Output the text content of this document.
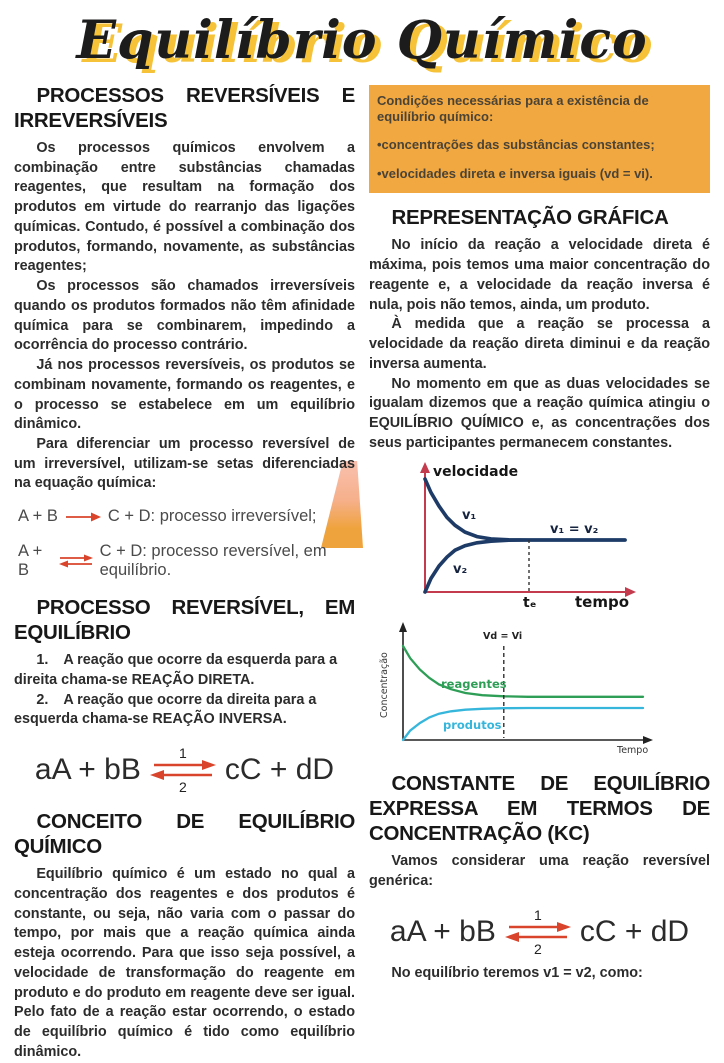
Equilíbrio Químico
PROCESSOS REVERSÍVEIS E IRREVERSÍVEIS

Os processos químicos envolvem a combinação entre substâncias chamadas reagentes, que resultam na formação dos produtos em virtude do rearranjo das ligações químicas. Contudo, é possível a combinação dos produtos, formando, novamente, as substâncias reagentes;

Os processos são chamados irreversíveis quando os produtos formados não têm afinidade química para se combinarem, impedindo a ocorrência do processo contrário.

Já nos processos reversíveis, os produtos se combinam novamente, formando os reagentes, e o processo se estabelece em um equilíbrio dinâmico.

Para diferenciar um processo reversível de um irreversível, utilizam-se setas diferenciadas na equação química:

A + B	C + D: processo irreversível;
A + B
C + D: processo reversível, em equilíbrio.
PROCESSO REVERSÍVEL, EM EQUILÍBRIO

1. A reação que ocorre da esquerda para a direita chama-se REAÇÃO DIRETA.

2. A reação que ocorre da direita para a esquerda chama-se REAÇÃO INVERSA.

aA + bB	1
2
cC + dD
CONCEITO DE EQUILÍBRIO QUÍMICO

Equilíbrio químico é um estado no qual a concentração dos reagentes e dos produtos é constante, ou seja, não varia com o passar do tempo, por mais que a reação química ainda esteja ocorrendo. Para que isso seja possível, a velocidade de transformação do reagente em produto e do produto em reagente deve ser igual. Pelo fato de a reação estar ocorrendo, o estado de equilíbrio químico é tido como equilíbrio dinâmico.

Condições necessárias para a existência de equilíbrio químico:

•concentrações das substâncias constantes;

•velocidades direta e inversa iguais (vd = vi).

REPRESENTAÇÃO GRÁFICA

No início da reação a velocidade direta é máxima, pois temos uma maior concentração do reagente e, a velocidade da reação inversa é nula, pois não temos, ainda, um produto.

À medida que a reação se processa a velocidade da reação direta diminui e da reação inversa aumenta.

No momento em que as duas velocidades se igualam dizemos que a reação química atingiu o EQUILÍBRIO QUÍMICO e, as concentrações dos seus participantes permanecem constantes.

velocidade
tempo
v₁
v₂
v₁ = v₂
tₑ
Concentração
Tempo
Vd = Vi
reagentes
produtos
CONSTANTE DE EQUILÍBRIO EXPRESSA EM TERMOS DE CONCENTRAÇÃO (KC)

Vamos considerar uma reação reversível genérica:

aA + bB	1
2
cC + dD

No equilíbrio teremos v1 = v2, como:
